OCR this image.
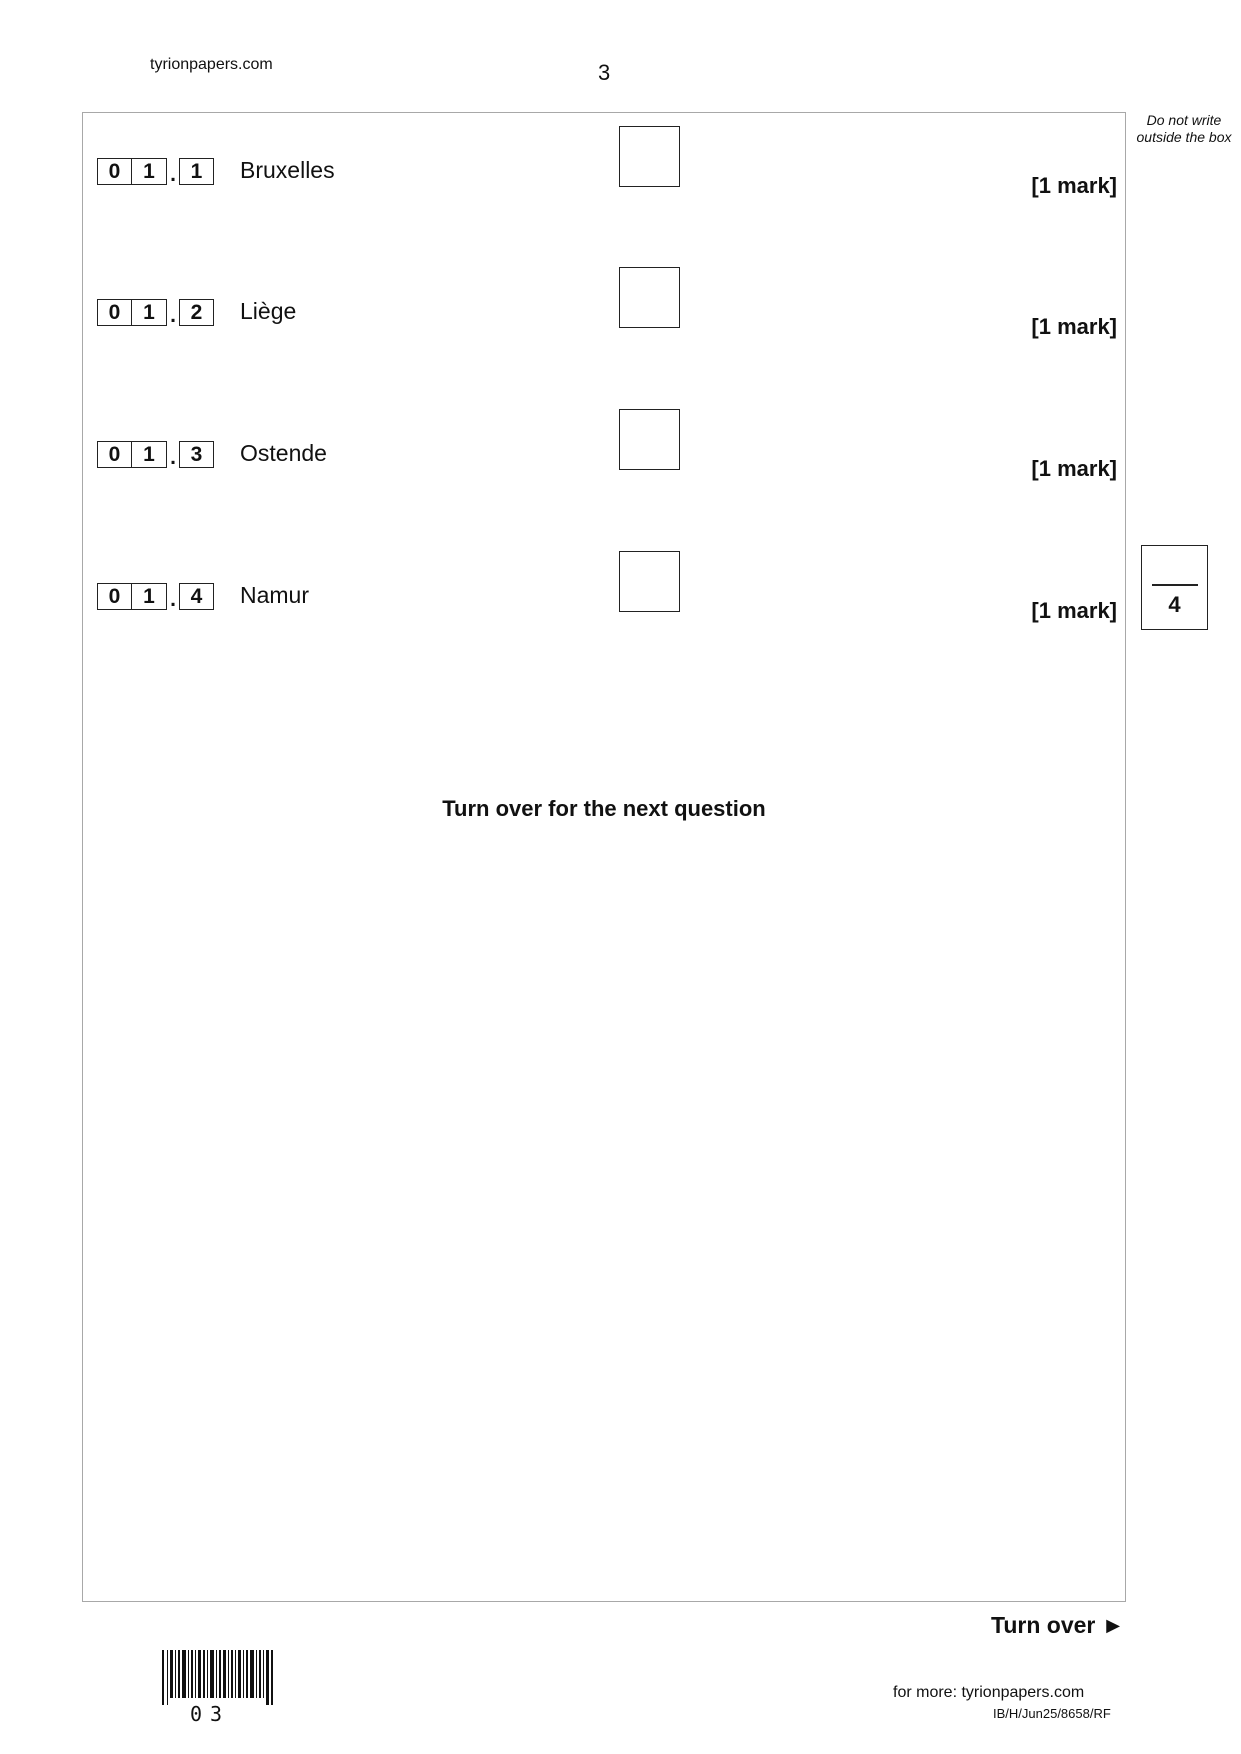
tyrionpapers.com	3
Do not write outside the box
0	1 . 1	Bruxelles
[1 mark]
0	1 . 2	Liège
[1 mark]
0	1 . 3	Ostende
[1 mark]
0	1 . 4	Namur
[1 mark]	4
Turn over for the next question
Turn over ►
03
for more: tyrionpapers.com
IB/H/Jun25/8658/RF
